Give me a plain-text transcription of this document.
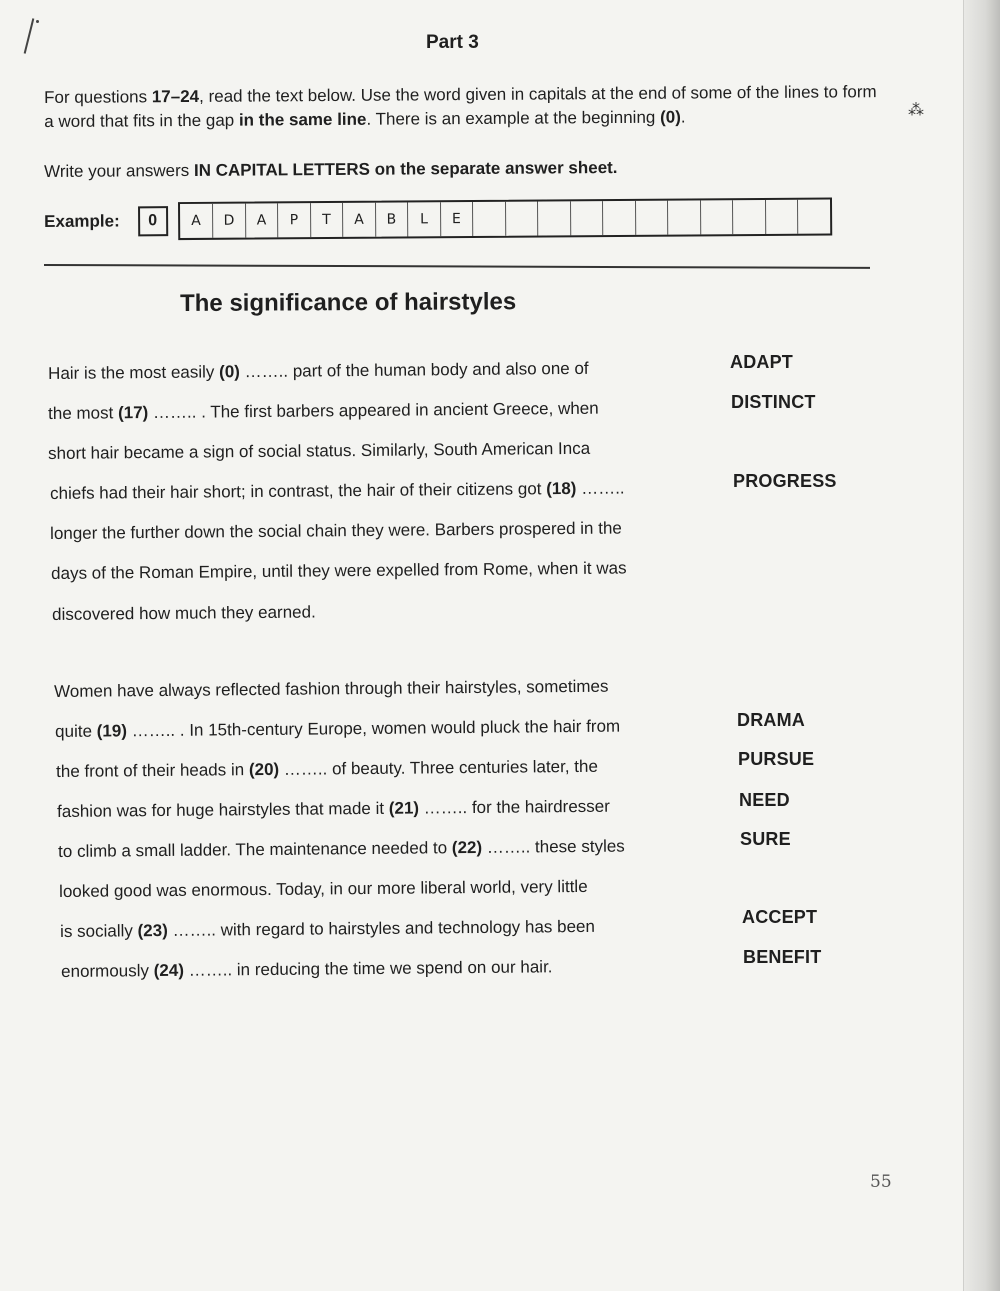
⁂
Part 3
For questions 17–24, read the text below. Use the word given in capitals at the end of some of the lines to form a word that fits in the gap in the same line. There is an example at the beginning (0).
Write your answers IN CAPITAL LETTERS on the separate answer sheet.
Example:	0	A	D	A	P	T	A	B	L	E
The significance of hairstyles
Hair is the most easily (0) …….. part of the human body and also one of
the most (17) …….. . The first barbers appeared in ancient Greece, when
short hair became a sign of social status. Similarly, South American Inca
chiefs had their hair short; in contrast, the hair of their citizens got (18) ……..
longer the further down the social chain they were. Barbers prospered in the
days of the Roman Empire, until they were expelled from Rome, when it was
discovered how much they earned.
Women have always reflected fashion through their hairstyles, sometimes
quite (19) …….. . In 15th-century Europe, women would pluck the hair from
the front of their heads in (20) …….. of beauty. Three centuries later, the
fashion was for huge hairstyles that made it (21) …….. for the hairdresser
to climb a small ladder. The maintenance needed to (22) …….. these styles
looked good was enormous. Today, in our more liberal world, very little
is socially (23) …….. with regard to hairstyles and technology has been
enormously (24) …….. in reducing the time we spend on our hair.
ADAPT
DISTINCT
PROGRESS
DRAMA
PURSUE
NEED
SURE
ACCEPT
BENEFIT
55
